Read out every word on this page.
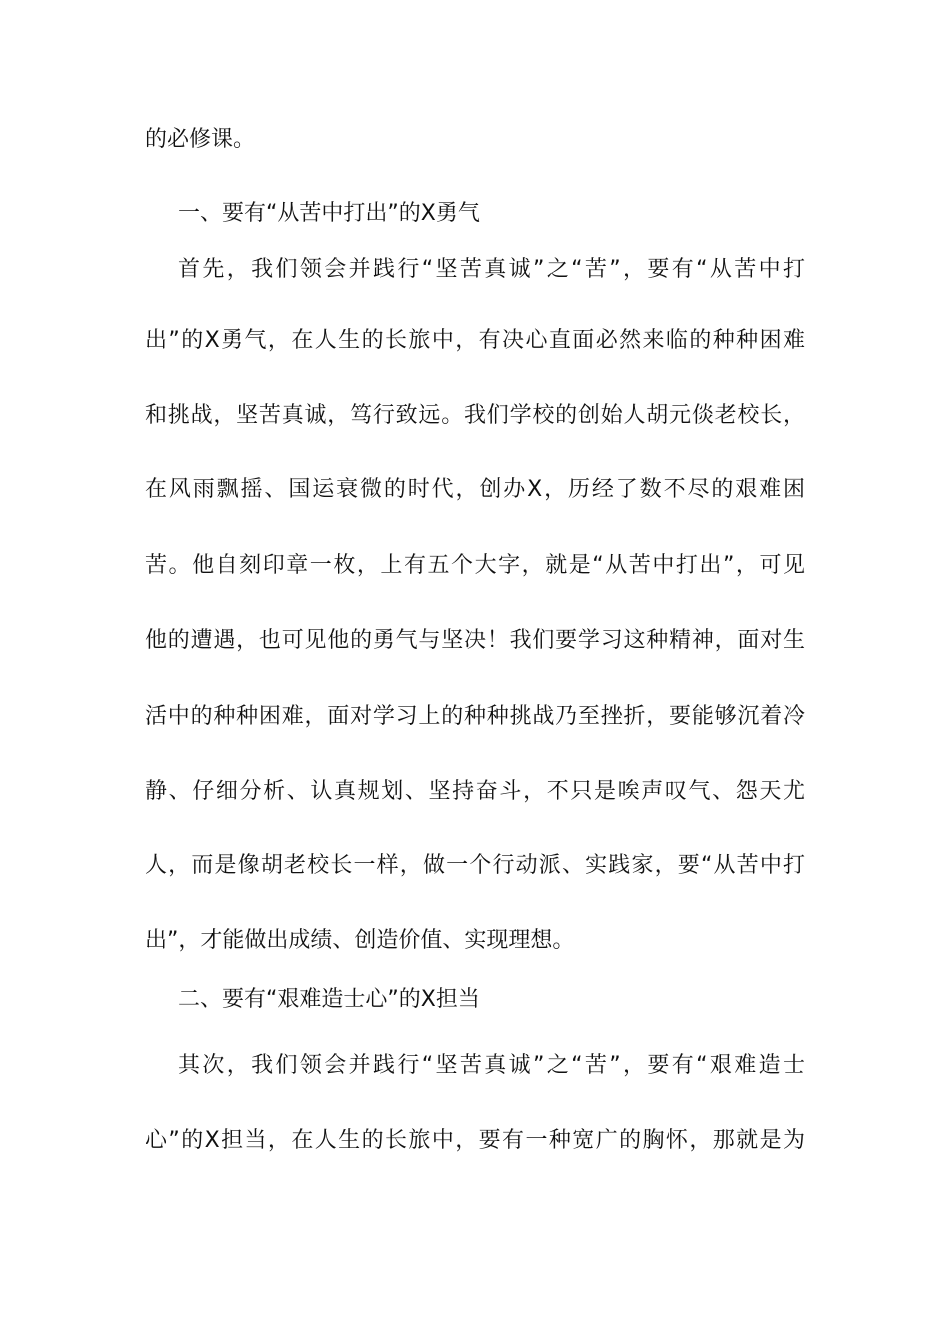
的必修课。
一、要有“从苦中打出”的X勇气
首先，我们领会并践行“坚苦真诚”之“苦”，要有“从苦中打
出”的X勇气，在人生的长旅中，有决心直面必然来临的种种困难
和挑战，坚苦真诚，笃行致远。我们学校的创始人胡元倓老校长，
在风雨飘摇、国运衰微的时代，创办X，历经了数不尽的艰难困
苦。他自刻印章一枚，上有五个大字，就是“从苦中打出”，可见
他的遭遇，也可见他的勇气与坚决！我们要学习这种精神，面对生
活中的种种困难，面对学习上的种种挑战乃至挫折，要能够沉着冷
静、仔细分析、认真规划、坚持奋斗，不只是唉声叹气、怨天尤
人，而是像胡老校长一样，做一个行动派、实践家，要“从苦中打
出”，才能做出成绩、创造价值、实现理想。
二、要有“艰难造士心”的X担当
其次，我们领会并践行“坚苦真诚”之“苦”，要有“艰难造士
心”的X担当，在人生的长旅中，要有一种宽广的胸怀，那就是为
